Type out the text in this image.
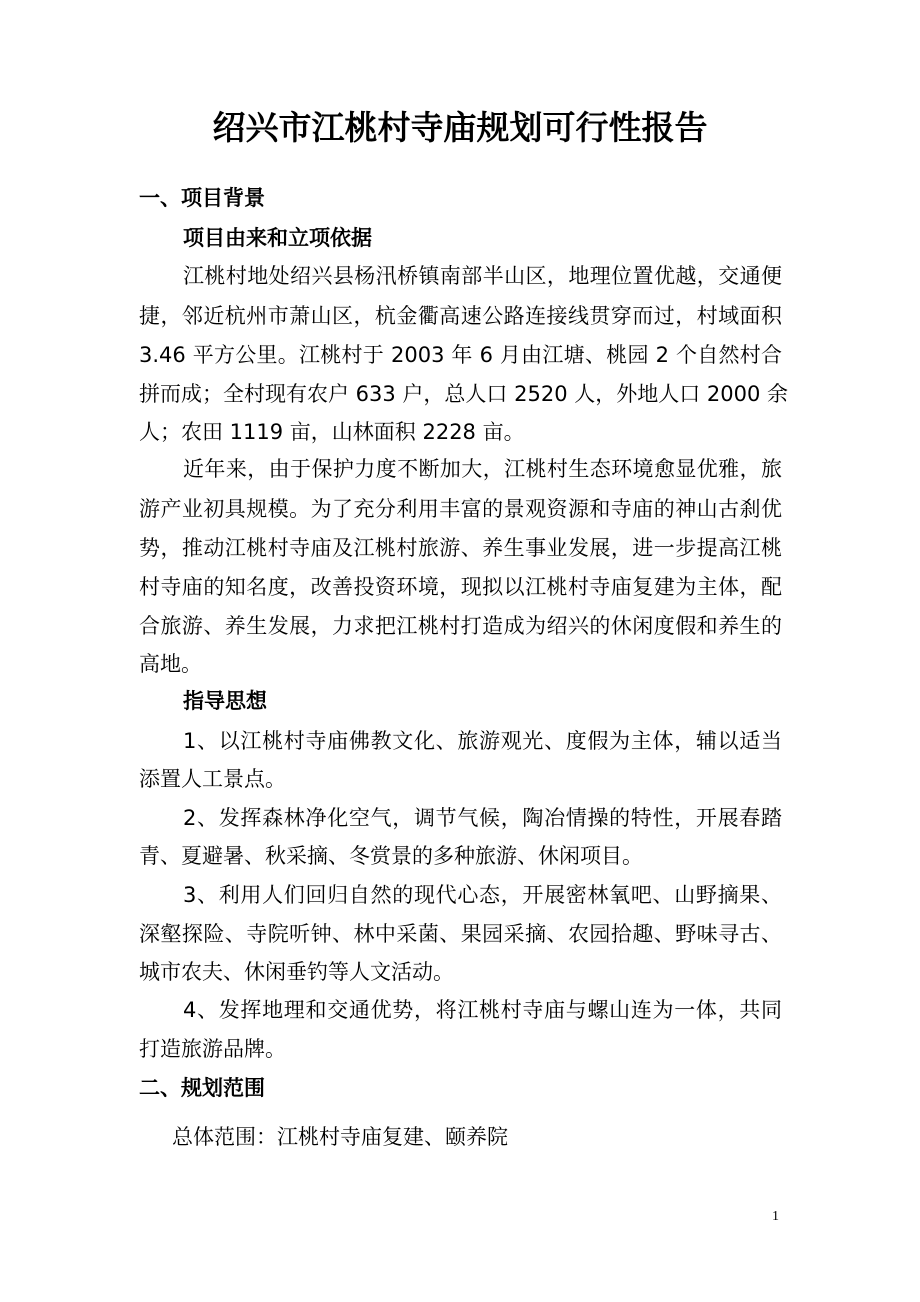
绍兴市江桃村寺庙规划可行性报告
一、项目背景
项目由来和立项依据
江桃村地处绍兴县杨汛桥镇南部半山区，地理位置优越，交通便
捷，邻近杭州市萧山区，杭金衢高速公路连接线贯穿而过，村域面积
3.46 平方公里。江桃村于 2003 年 6 月由江塘、桃园 2 个自然村合
拼而成；全村现有农户 633 户，总人口 2520 人，外地人口 2000 余
人；农田 1119 亩，山林面积 2228 亩。
近年来，由于保护力度不断加大，江桃村生态环境愈显优雅，旅
游产业初具规模。为了充分利用丰富的景观资源和寺庙的神山古刹优
势，推动江桃村寺庙及江桃村旅游、养生事业发展，进一步提高江桃
村寺庙的知名度，改善投资环境，现拟以江桃村寺庙复建为主体，配
合旅游、养生发展，力求把江桃村打造成为绍兴的休闲度假和养生的
高地。
指导思想
1、以江桃村寺庙佛教文化、旅游观光、度假为主体，辅以适当
添置人工景点。
2、发挥森林净化空气，调节气候，陶冶情操的特性，开展春踏
青、夏避暑、秋采摘、冬赏景的多种旅游、休闲项目。
3、利用人们回归自然的现代心态，开展密林氧吧、山野摘果、
深壑探险、寺院听钟、林中采菌、果园采摘、农园拾趣、野味寻古、
城市农夫、休闲垂钓等人文活动。
4、发挥地理和交通优势，将江桃村寺庙与螺山连为一体，共同
打造旅游品牌。
二、规划范围
总体范围：江桃村寺庙复建、颐养院
1
